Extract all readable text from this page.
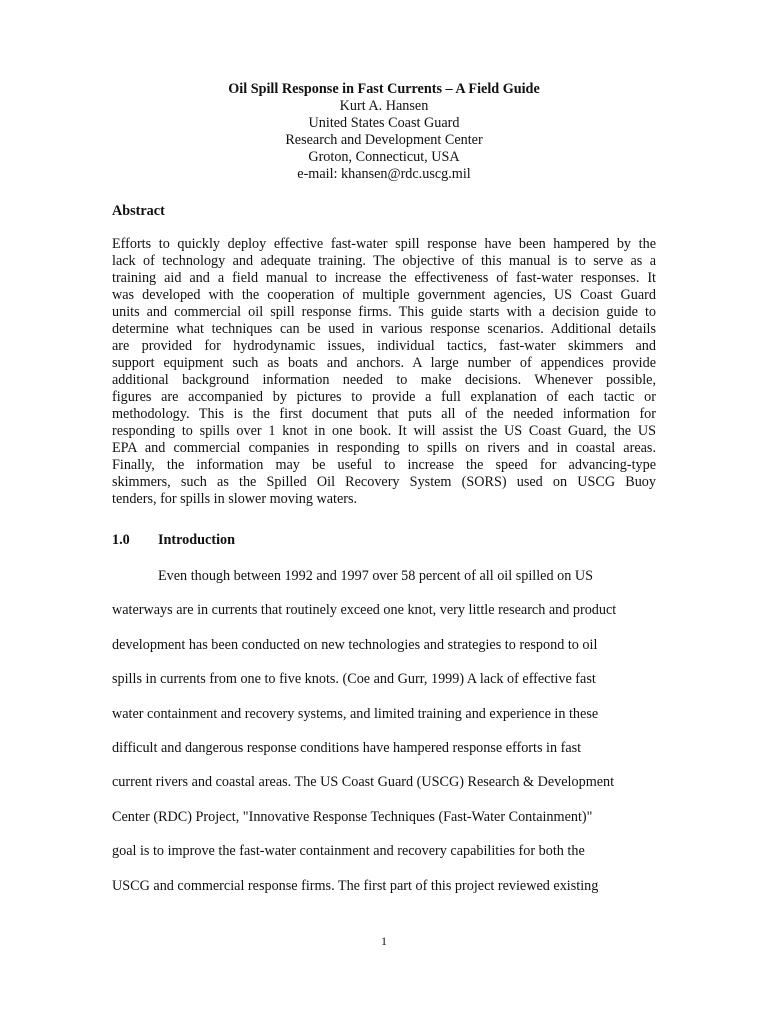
Oil Spill Response in Fast Currents – A Field Guide
Kurt A. Hansen
United States Coast Guard
Research and Development Center
Groton, Connecticut, USA
e-mail: khansen@rdc.uscg.mil
Abstract
Efforts to quickly deploy effective fast-water spill response have been hampered by the
lack of technology and adequate training. The objective of this manual is to serve as a
training aid and a field manual to increase the effectiveness of fast-water responses. It
was developed with the cooperation of multiple government agencies, US Coast Guard
units and commercial oil spill response firms. This guide starts with a decision guide to
determine what techniques can be used in various response scenarios. Additional details
are provided for hydrodynamic issues, individual tactics, fast-water skimmers and
support equipment such as boats and anchors. A large number of appendices provide
additional background information needed to make decisions. Whenever possible,
figures are accompanied by pictures to provide a full explanation of each tactic or
methodology. This is the first document that puts all of the needed information for
responding to spills over 1 knot in one book. It will assist the US Coast Guard, the US
EPA and commercial companies in responding to spills on rivers and in coastal areas.
Finally, the information may be useful to increase the speed for advancing-type
skimmers, such as the Spilled Oil Recovery System (SORS) used on USCG Buoy
tenders, for spills in slower moving waters.
1.0 Introduction
Even though between 1992 and 1997 over 58 percent of all oil spilled on US
waterways are in currents that routinely exceed one knot, very little research and product
development has been conducted on new technologies and strategies to respond to oil
spills in currents from one to five knots. (Coe and Gurr, 1999) A lack of effective fast
water containment and recovery systems, and limited training and experience in these
difficult and dangerous response conditions have hampered response efforts in fast
current rivers and coastal areas. The US Coast Guard (USCG) Research & Development
Center (RDC) Project, "Innovative Response Techniques (Fast-Water Containment)"
goal is to improve the fast-water containment and recovery capabilities for both the
USCG and commercial response firms. The first part of this project reviewed existing
1
